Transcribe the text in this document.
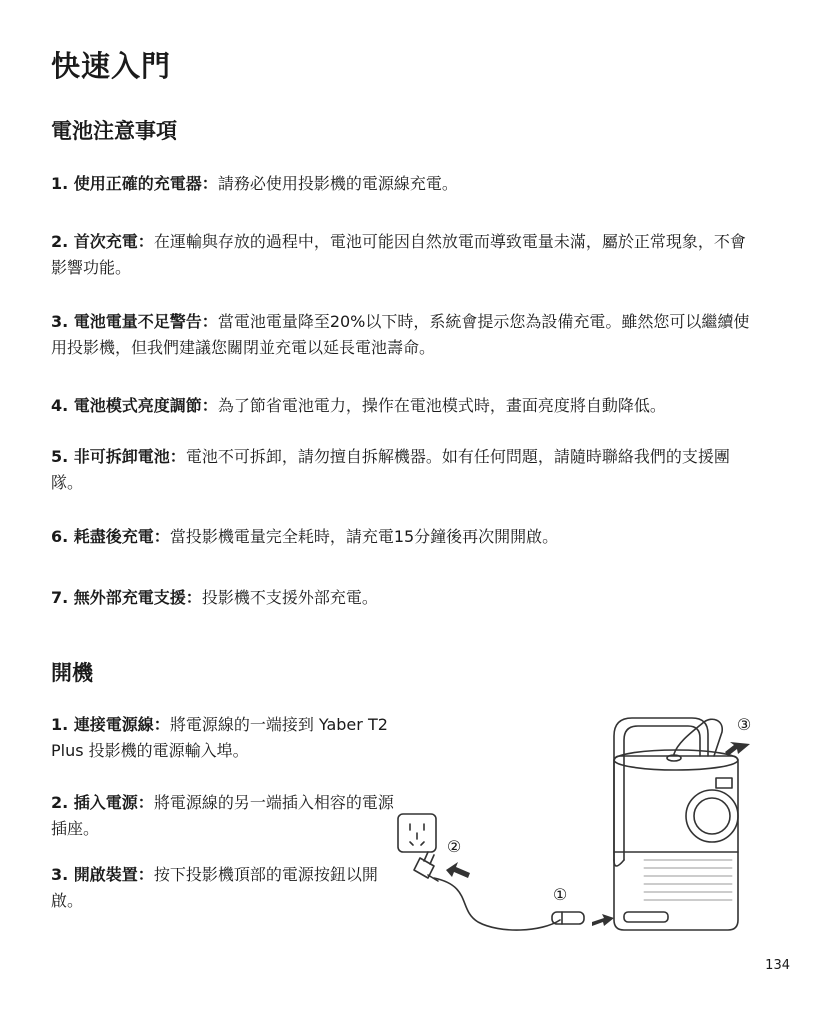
快速入門
電池注意事項

1. 使用正確的充電器：請務必使用投影機的電源線充電。

2. 首次充電：在運輸與存放的過程中，電池可能因自然放電而導致電量未滿，屬於正常現象，不會影響功能。

3. 電池電量不足警告：當電池電量降至20%以下時，系統會提示您為設備充電。雖然您可以繼續使用投影機，但我們建議您關閉並充電以延長電池壽命。

4. 電池模式亮度調節：為了節省電池電力，操作在電池模式時，畫面亮度將自動降低。

5. 非可拆卸電池：電池不可拆卸，請勿擅自拆解機器。如有任何問題，請隨時聯絡我們的支援團隊。

6. 耗盡後充電：當投影機電量完全耗時，請充電15分鐘後再次開開啟。

7. 無外部充電支援：投影機不支援外部充電。

開機

1. 連接電源線：將電源線的一端接到 Yaber T2 Plus 投影機的電源輸入埠。

2. 插入電源：將電源線的另一端插入相容的電源插座。

3. 開啟裝置：按下投影機頂部的電源按鈕以開啟。	①
②
③
134
